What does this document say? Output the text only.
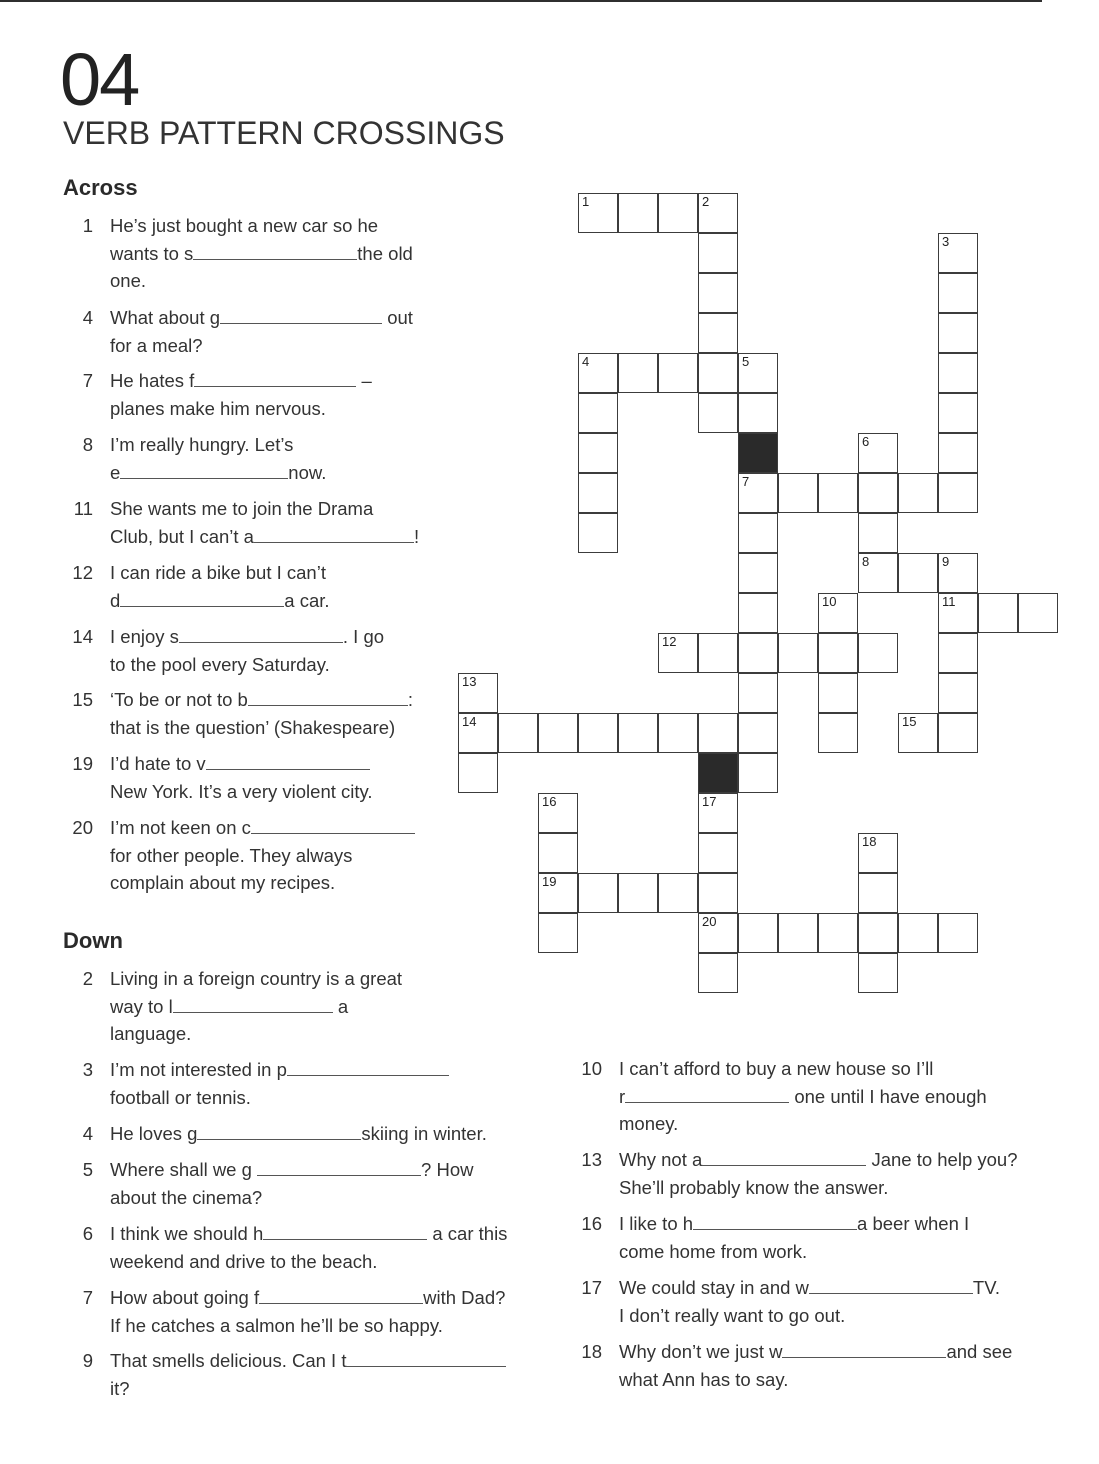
04
VERB PATTERN CROSSINGS
Across
1 He’s just bought a new car so he
wants to s	the old
one.
4 What about g	out
for a meal?
7 He hates f	–
planes make him nervous.
8 I’m really hungry. Let’s
e	now.
11 She wants me to join the Drama
Club, but I can’t a	!
12 I can ride a bike but I can’t
d	a car.
14 I enjoy s	. I go
to the pool every Saturday.
15 ‘To be or not to b	:
that is the question’ (Shakespeare)
19 I’d hate to v
New York. It’s a very violent city.
20 I’m not keen on c
for other people. They always
complain about my recipes.
Down
2 Living in a foreign country is a great
way to l	a
language.
3 I’m not interested in p
football or tennis.
4 He loves g	skiing in winter.
5 Where shall we g	? How
about the cinema?
6 I think we should h	a car this
weekend and drive to the beach.
7 How about going f	with Dad?
If he catches a salmon he’ll be so happy.
9 That smells delicious. Can I t
it?
10 I can’t afford to buy a new house so I’ll
r	one until I have enough
money.
13 Why not a	Jane to help you?
She’ll probably know the answer.
16 I like to h	a beer when I
come home from work.
17 We could stay in and w	TV.
I don’t really want to go out.
18 Why don’t we just w	and see
what Ann has to say.
1	2
3
4	5
7
6
8	9
11
10
12
13
14	15
16
19
17
20
18
